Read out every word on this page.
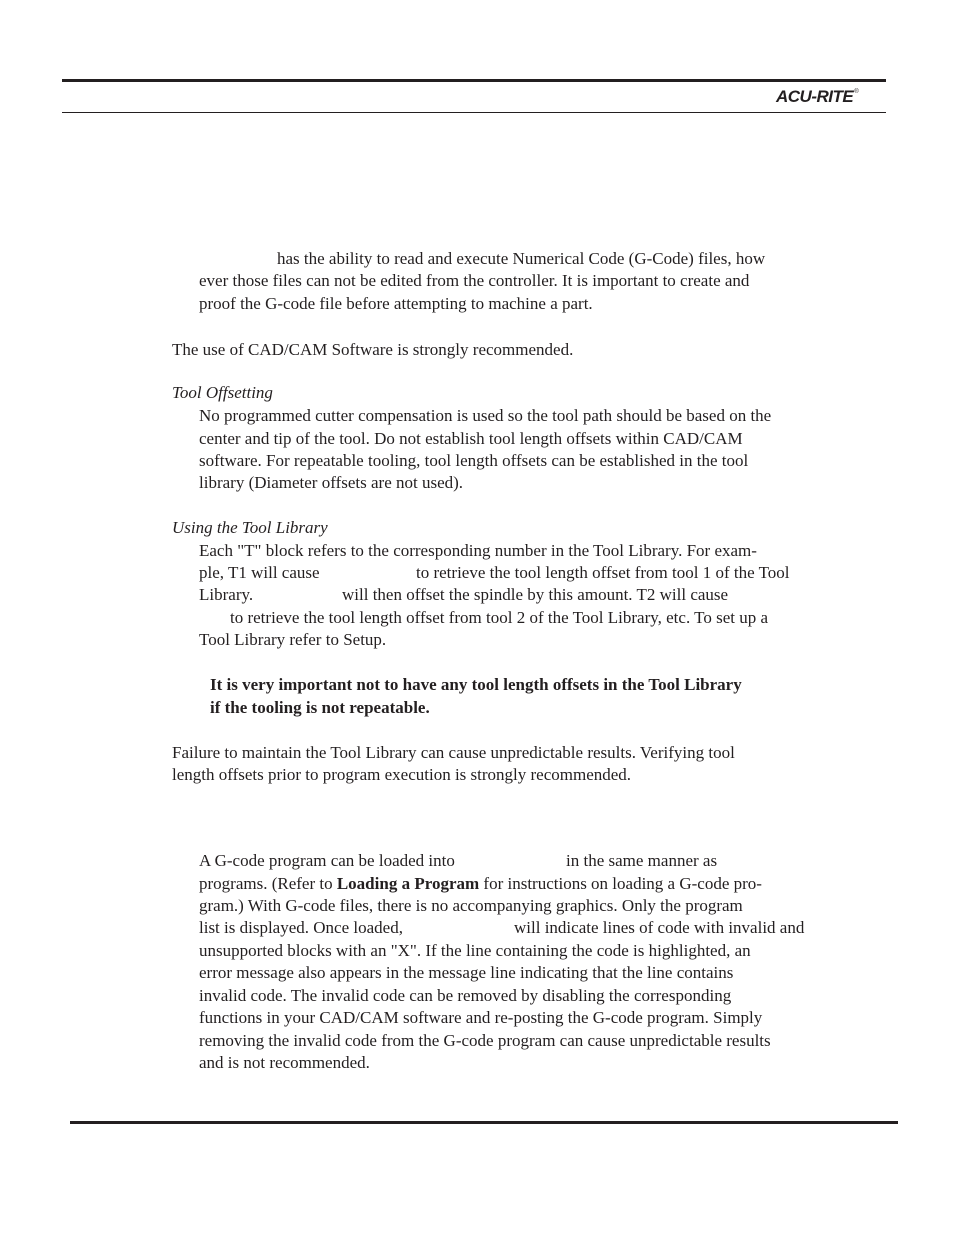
ACU-RITE®
has the ability to read and execute Numerical Code (G-Code) files, how
ever those files can not be edited from the controller. It is important to create and
proof the G-code file before attempting to machine a part.
The use of CAD/CAM Software is strongly recommended.
Tool Offsetting
No programmed cutter compensation is used so the tool path should be based on the
center and tip of the tool. Do not establish tool length offsets within CAD/CAM
software. For repeatable tooling, tool length offsets can be established in the tool
library (Diameter offsets are not used).
Using the Tool Library
Each "T" block refers to the corresponding number in the Tool Library. For exam-
ple, T1 will cause	to retrieve the tool length offset from tool 1 of the Tool
Library.	will then offset the spindle by this amount. T2 will cause
to retrieve the tool length offset from tool 2 of the Tool Library, etc. To set up a
Tool Library refer to Setup.
It is very important not to have any tool length offsets in the Tool Library
if the tooling is not repeatable.
Failure to maintain the Tool Library can cause unpredictable results. Verifying tool
length offsets prior to program execution is strongly recommended.
A G-code program can be loaded into	in the same manner as
programs. (Refer to Loading a Program for instructions on loading a G-code pro-
gram.) With G-code files, there is no accompanying graphics. Only the program
list is displayed. Once loaded,	will indicate lines of code with invalid and
unsupported blocks with an "X". If the line containing the code is highlighted, an
error message also appears in the message line indicating that the line contains
invalid code. The invalid code can be removed by disabling the corresponding
functions in your CAD/CAM software and re-posting the G-code program. Simply
removing the invalid code from the G-code program can cause unpredictable results
and is not recommended.
